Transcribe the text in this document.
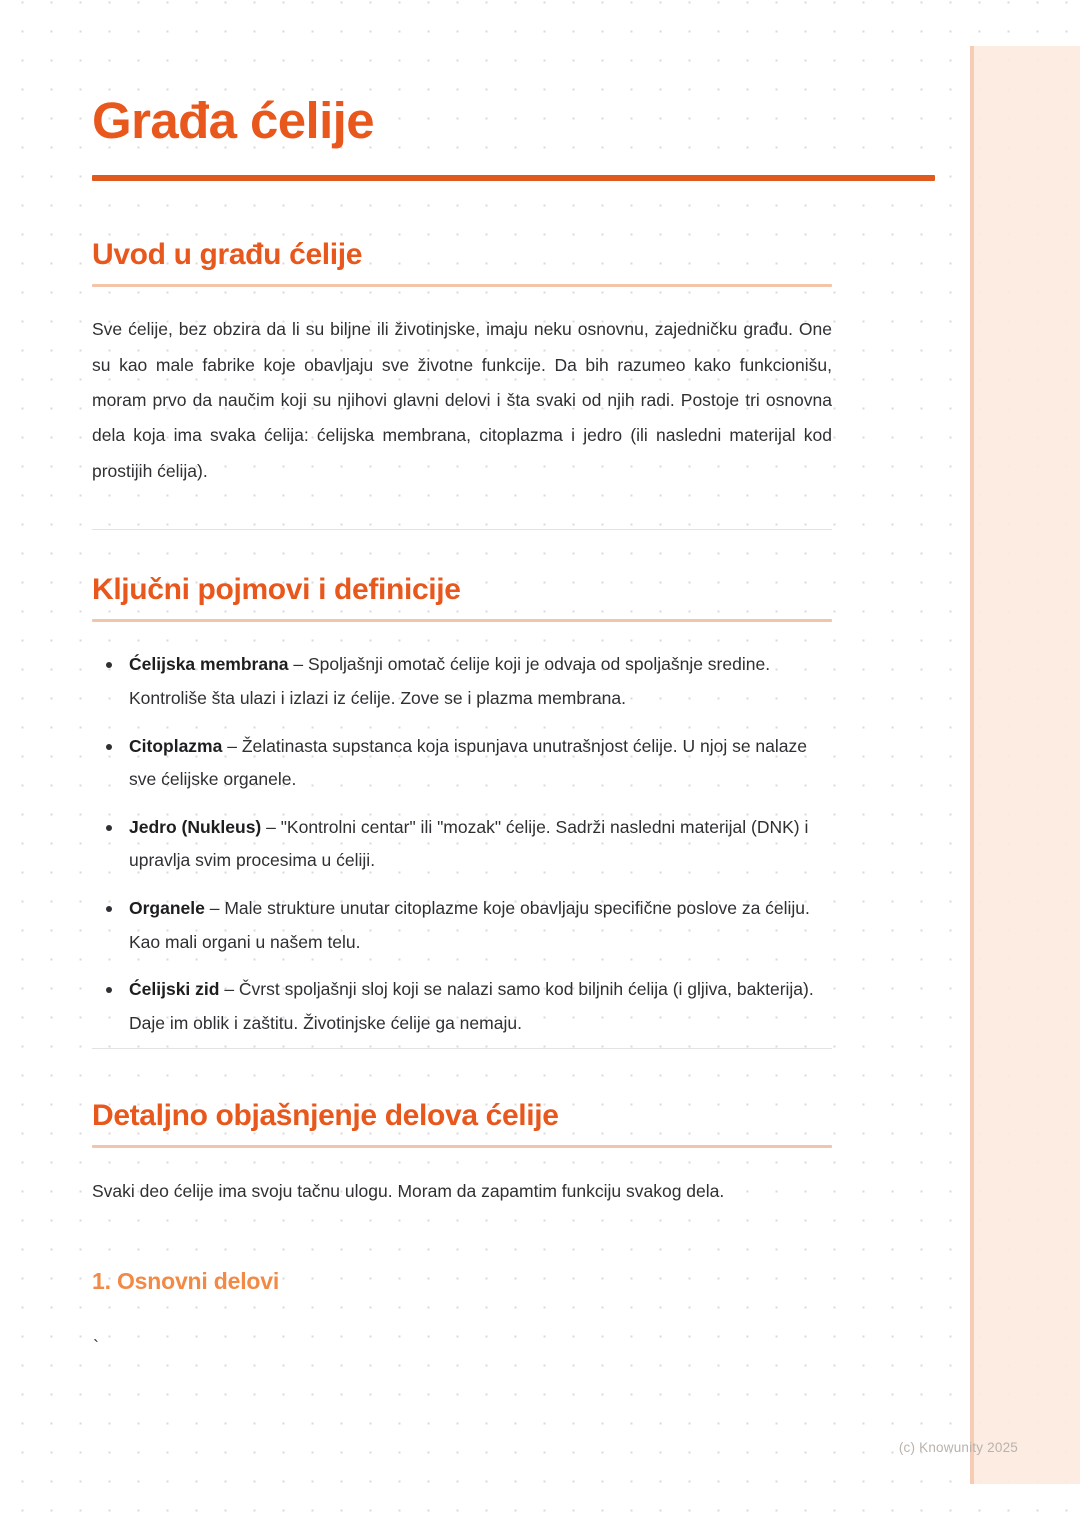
Građa ćelije
Uvod u građu ćelije

Sve ćelije, bez obzira da li su biljne ili životinjske, imaju neku osnovnu, zajedničku građu. One su kao male fabrike koje obavljaju sve životne funkcije. Da bih razumeo kako funkcionišu, moram prvo da naučim koji su njihovi glavni delovi i šta svaki od njih radi. Postoje tri osnovna dela koja ima svaka ćelija: ćelijska membrana, citoplazma i jedro (ili nasledni materijal kod prostijih ćelija).

Ključni pojmovi i definicije
Ćelijska membrana – Spoljašnji omotač ćelije koji je odvaja od spoljašnje sredine. Kontroliše šta ulazi i izlazi iz ćelije. Zove se i plazma membrana.
Citoplazma – Želatinasta supstanca koja ispunjava unutrašnjost ćelije. U njoj se nalaze sve ćelijske organele.
Jedro (Nukleus) – "Kontrolni centar" ili "mozak" ćelije. Sadrži nasledni materijal (DNK) i upravlja svim procesima u ćeliji.
Organele – Male strukture unutar citoplazme koje obavljaju specifične poslove za ćeliju. Kao mali organi u našem telu.
Ćelijski zid – Čvrst spoljašnji sloj koji se nalazi samo kod biljnih ćelija (i gljiva, bakterija). Daje im oblik i zaštitu. Životinjske ćelije ga nemaju.
Detaljno objašnjenje delova ćelije

Svaki deo ćelije ima svoju tačnu ulogu. Moram da zapamtim funkciju svakog dela.

1. Osnovni delovi
`
(c) Knowunity 2025
